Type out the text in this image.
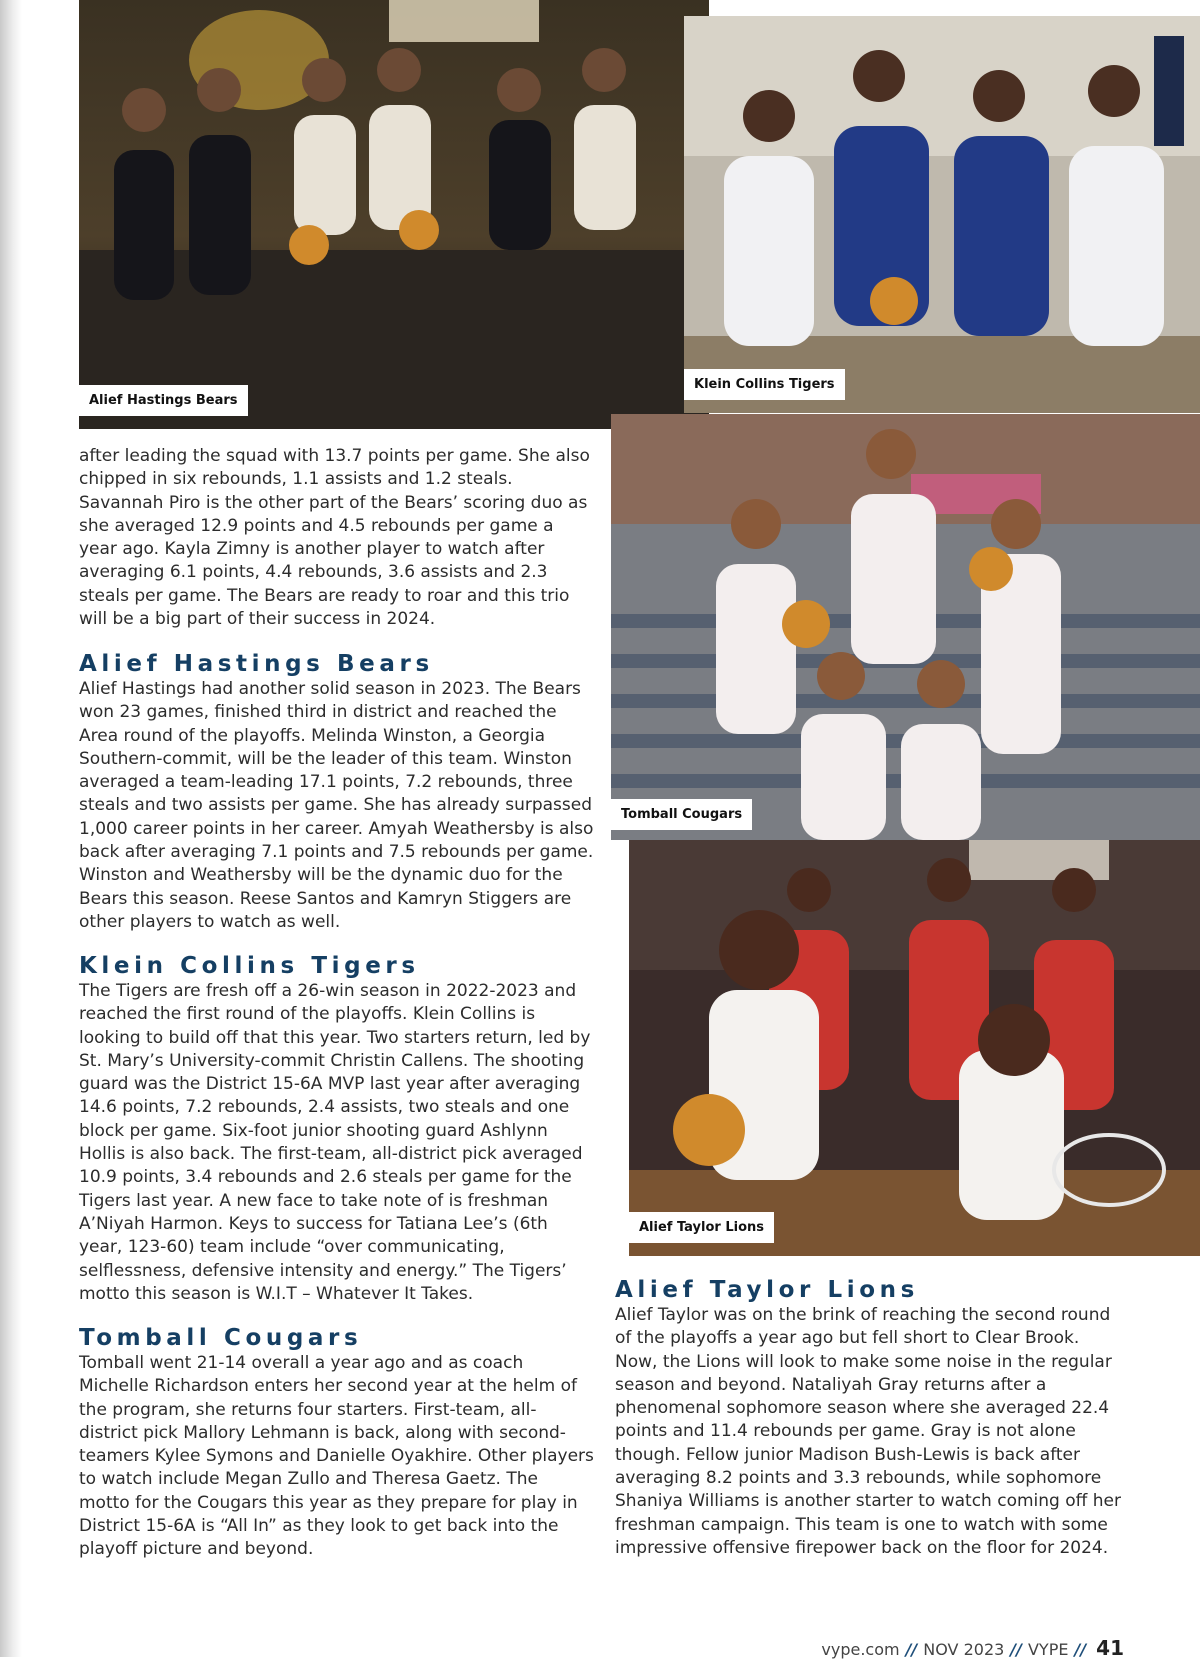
Alief Hastings Bears
Klein Collins Tigers
Tomball Cougars
Alief Taylor Lions

after leading the squad with 13.7 points per game. She also chipped in six rebounds, 1.1 assists and 1.2 steals. Savannah Piro is the other part of the Bears’ scoring duo as she averaged 12.9 points and 4.5 rebounds per game a year ago. Kayla Zimny is another player to watch after averaging 6.1 points, 4.4 rebounds, 3.6 assists and 2.3 steals per game. The Bears are ready to roar and this trio will be a big part of their success in 2024.

Alief Hastings Bears

Alief Hastings had another solid season in 2023. The Bears won 23 games, finished third in district and reached the Area round of the playoffs. Melinda Winston, a Georgia Southern-commit, will be the leader of this team. Winston averaged a team-leading 17.1 points, 7.2 rebounds, three steals and two assists per game. She has already surpassed 1,000 career points in her career. Amyah Weathersby is also back after averaging 7.1 points and 7.5 rebounds per game. Winston and Weathersby will be the dynamic duo for the Bears this season. Reese Santos and Kamryn Stiggers are other players to watch as well.

Klein Collins Tigers

The Tigers are fresh off a 26-win season in 2022-2023 and reached the first round of the playoffs. Klein Collins is looking to build off that this year. Two starters return, led by St. Mary’s University-commit Christin Callens. The shooting guard was the District 15-6A MVP last year after averaging 14.6 points, 7.2 rebounds, 2.4 assists, two steals and one block per game. Six-foot junior shooting guard Ashlynn Hollis is also back. The first-team, all-district pick averaged 10.9 points, 3.4 rebounds and 2.6 steals per game for the Tigers last year. A new face to take note of is freshman A’Niyah Harmon. Keys to success for Tatiana Lee’s (6th year, 123-60) team include “over communicating, selflessness, defensive intensity and energy.” The Tigers’ motto this season is W.I.T – Whatever It Takes.

Tomball Cougars

Tomball went 21-14 overall a year ago and as coach Michelle Richardson enters her second year at the helm of the program, she returns four starters. First-team, all-district pick Mallory Lehmann is back, along with second-teamers Kylee Symons and Danielle Oyakhire. Other players to watch include Megan Zullo and Theresa Gaetz. The motto for the Cougars this year as they prepare for play in District 15-6A is “All In” as they look to get back into the playoff picture and beyond.

Alief Taylor Lions

Alief Taylor was on the brink of reaching the second round of the playoffs a year ago but fell short to Clear Brook. Now, the Lions will look to make some noise in the regular season and beyond. Nataliyah Gray returns after a phenomenal sophomore season where she averaged 22.4 points and 11.4 rebounds per game. Gray is not alone though. Fellow junior Madison Bush-Lewis is back after averaging 8.2 points and 3.3 rebounds, while sophomore Shaniya Williams is another starter to watch coming off her freshman campaign. This team is one to watch with some impressive offensive firepower back on the floor for 2024.

vype.com // NOV 2023 // VYPE // 41
